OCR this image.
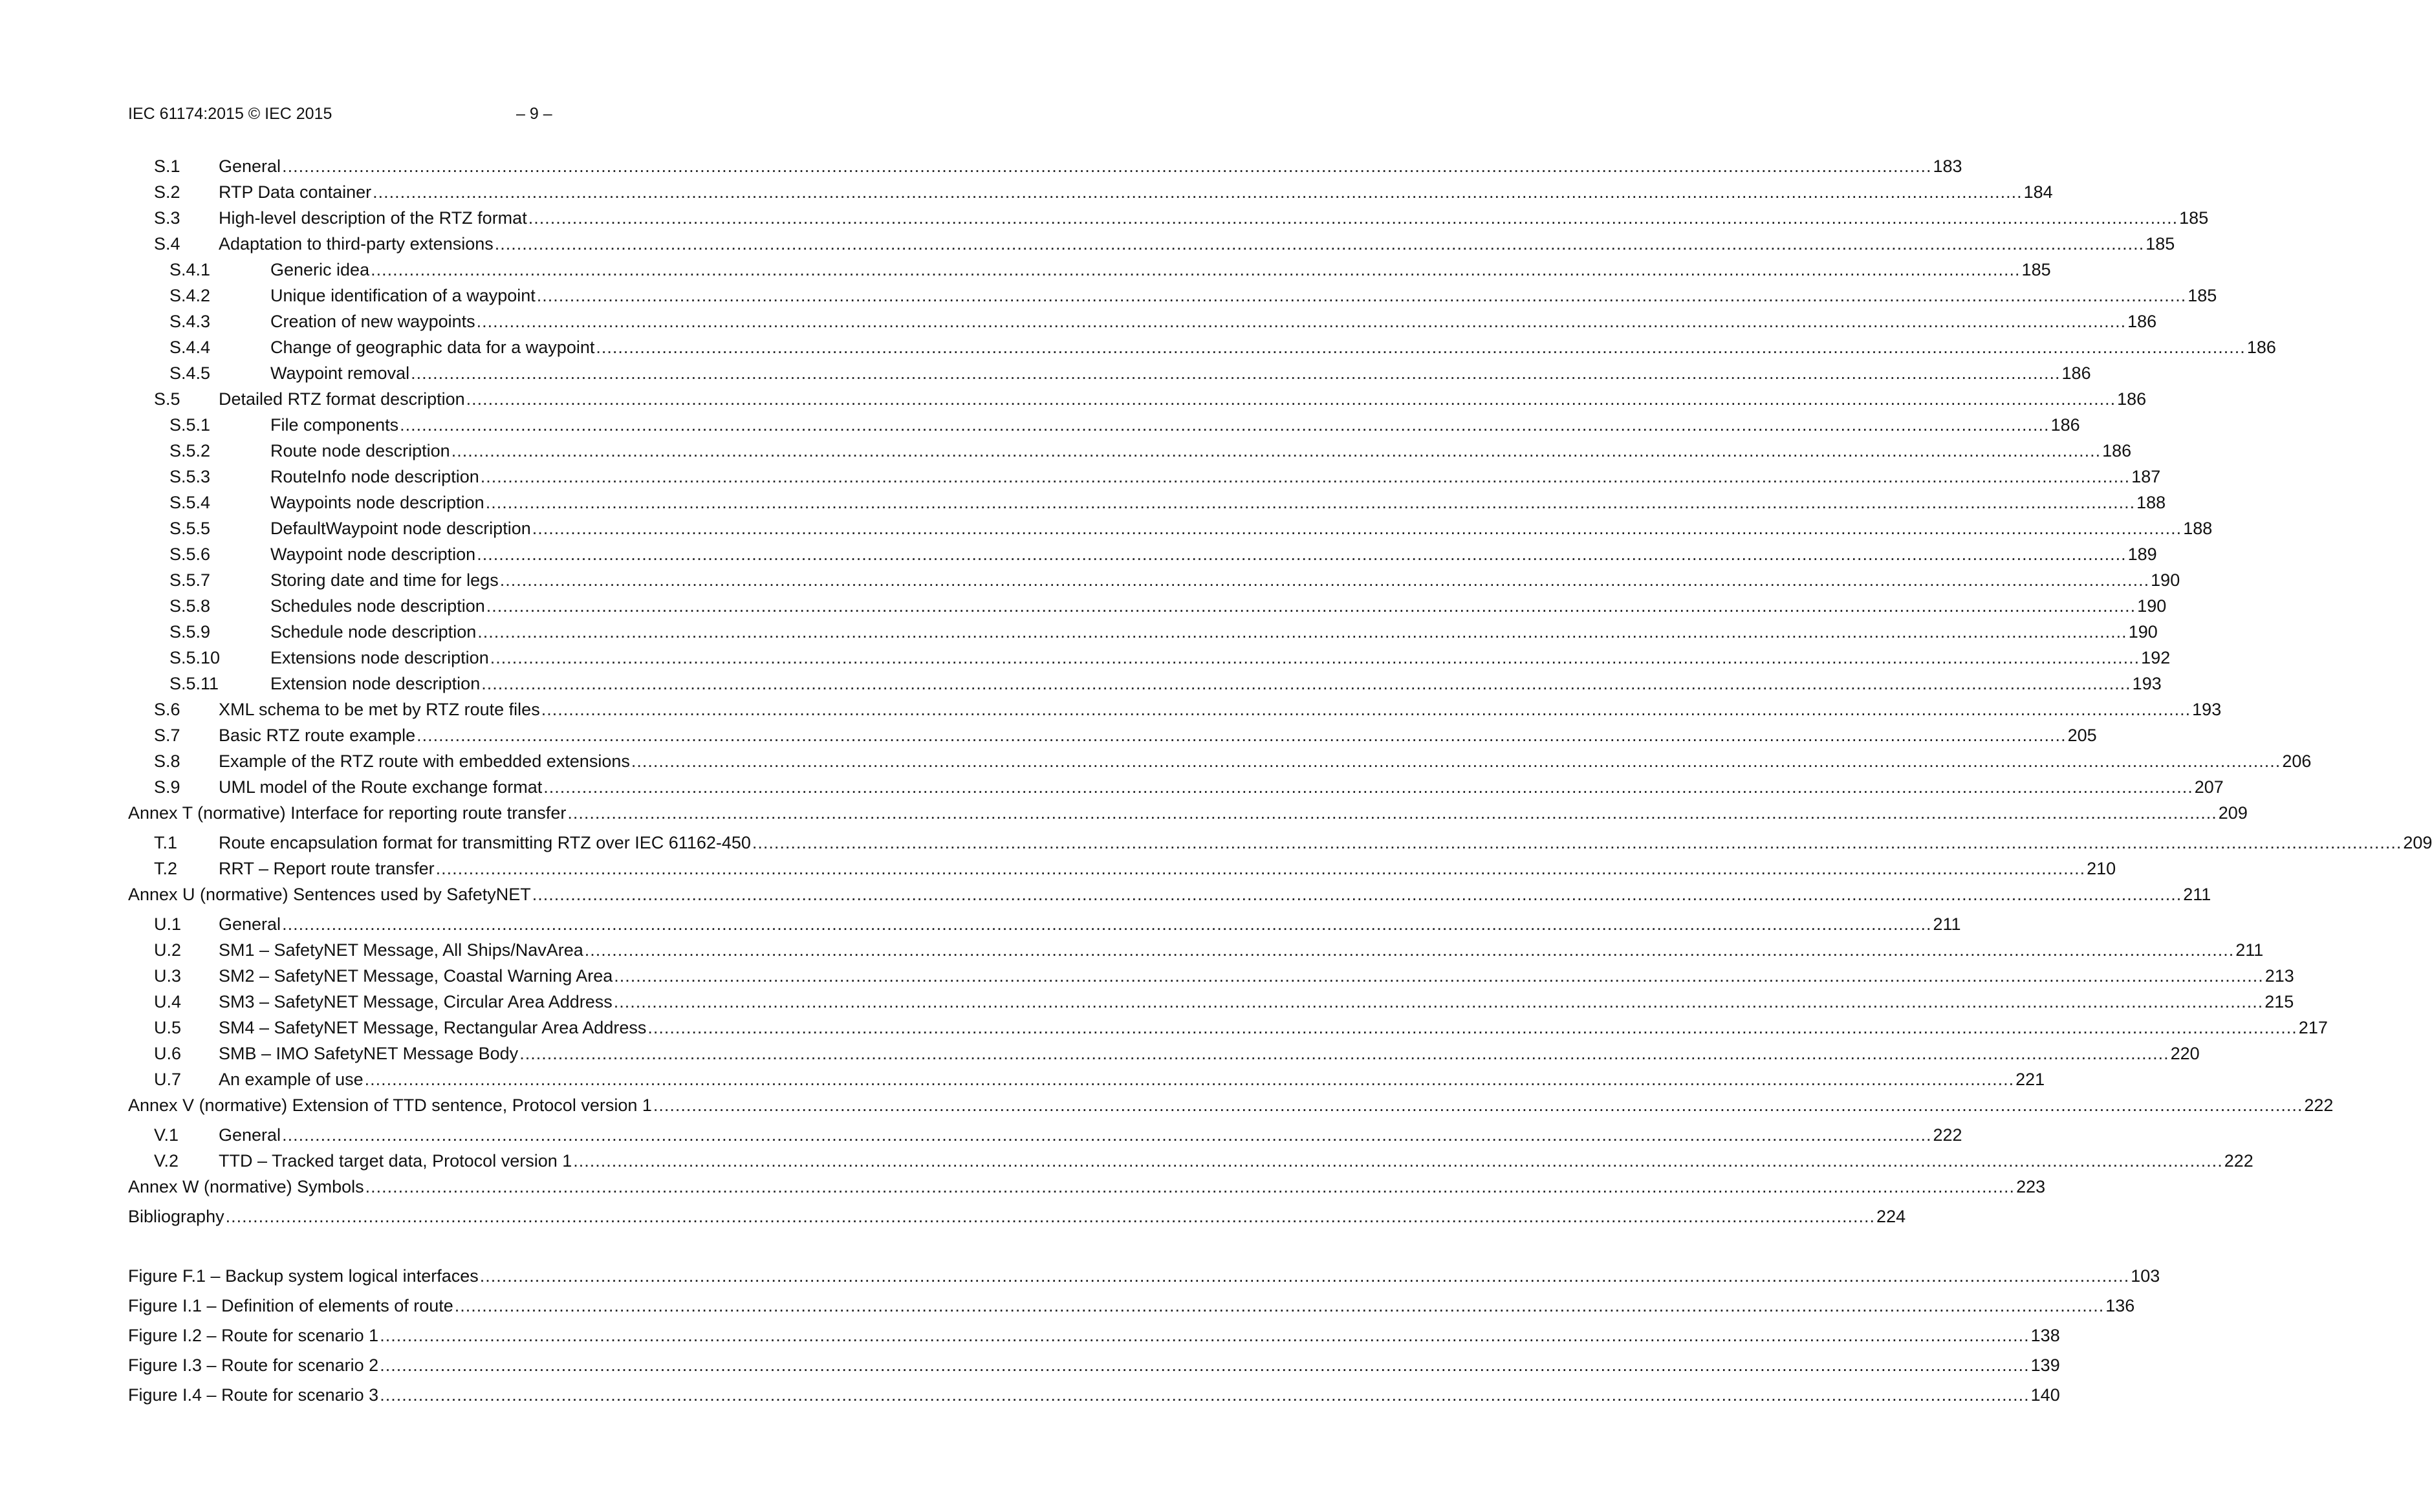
IEC 61174:2015 © IEC 2015	– 9 –
S.1 General ............................................................................................................................................................................................................................................................................................................ 183
S.2 RTP Data container ............................................................................................................................................................................................................................................................................................................ 184
S.3 High-level description of the RTZ format ............................................................................................................................................................................................................................................................................................................ 185
S.4 Adaptation to third-party extensions ............................................................................................................................................................................................................................................................................................................ 185
S.4.1	Generic idea ............................................................................................................................................................................................................................................................................................................ 185
S.4.2	Unique identification of a waypoint ............................................................................................................................................................................................................................................................................................................ 185
S.4.3	Creation of new waypoints ............................................................................................................................................................................................................................................................................................................ 186
S.4.4	Change of geographic data for a waypoint ............................................................................................................................................................................................................................................................................................................ 186
S.4.5	Waypoint removal ............................................................................................................................................................................................................................................................................................................ 186
S.5 Detailed RTZ format description ............................................................................................................................................................................................................................................................................................................ 186
S.5.1	File components ............................................................................................................................................................................................................................................................................................................ 186
S.5.2	Route node description ............................................................................................................................................................................................................................................................................................................ 186
S.5.3	RouteInfo node description ............................................................................................................................................................................................................................................................................................................ 187
S.5.4	Waypoints node description ............................................................................................................................................................................................................................................................................................................ 188
S.5.5	DefaultWaypoint node description ............................................................................................................................................................................................................................................................................................................ 188
S.5.6	Waypoint node description ............................................................................................................................................................................................................................................................................................................ 189
S.5.7	Storing date and time for legs ............................................................................................................................................................................................................................................................................................................ 190
S.5.8	Schedules node description ............................................................................................................................................................................................................................................................................................................ 190
S.5.9	Schedule node description ............................................................................................................................................................................................................................................................................................................ 190
S.5.10	Extensions node description ............................................................................................................................................................................................................................................................................................................ 192
S.5.11	Extension node description ............................................................................................................................................................................................................................................................................................................ 193
S.6 XML schema to be met by RTZ route files ............................................................................................................................................................................................................................................................................................................ 193
S.7 Basic RTZ route example ............................................................................................................................................................................................................................................................................................................ 205
S.8 Example of the RTZ route with embedded extensions ............................................................................................................................................................................................................................................................................................................ 206
S.9 UML model of the Route exchange format ............................................................................................................................................................................................................................................................................................................ 207
Annex T (normative) Interface for reporting route transfer ............................................................................................................................................................................................................................................................................................................ 209
T.1 Route encapsulation format for transmitting RTZ over IEC 61162-450 ............................................................................................................................................................................................................................................................................................................ 209
T.2 RRT – Report route transfer ............................................................................................................................................................................................................................................................................................................ 210
Annex U (normative) Sentences used by SafetyNET ............................................................................................................................................................................................................................................................................................................ 211
U.1 General ............................................................................................................................................................................................................................................................................................................ 211
U.2 SM1 – SafetyNET Message, All Ships/NavArea ............................................................................................................................................................................................................................................................................................................ 211
U.3 SM2 – SafetyNET Message, Coastal Warning Area ............................................................................................................................................................................................................................................................................................................ 213
U.4 SM3 – SafetyNET Message, Circular Area Address ............................................................................................................................................................................................................................................................................................................ 215
U.5 SM4 – SafetyNET Message, Rectangular Area Address ............................................................................................................................................................................................................................................................................................................ 217
U.6 SMB – IMO SafetyNET Message Body ............................................................................................................................................................................................................................................................................................................ 220
U.7 An example of use ............................................................................................................................................................................................................................................................................................................ 221
Annex V (normative) Extension of TTD sentence, Protocol version 1 ............................................................................................................................................................................................................................................................................................................ 222
V.1 General ............................................................................................................................................................................................................................................................................................................ 222
V.2 TTD – Tracked target data, Protocol version 1 ............................................................................................................................................................................................................................................................................................................ 222
Annex W (normative) Symbols ............................................................................................................................................................................................................................................................................................................ 223
Bibliography ............................................................................................................................................................................................................................................................................................................ 224
Figure F.1 – Backup system logical interfaces ............................................................................................................................................................................................................................................................................................................ 103
Figure I.1 – Definition of elements of route ............................................................................................................................................................................................................................................................................................................ 136
Figure I.2 – Route for scenario 1 ............................................................................................................................................................................................................................................................................................................ 138
Figure I.3 – Route for scenario 2 ............................................................................................................................................................................................................................................................................................................ 139
Figure I.4 – Route for scenario 3 ............................................................................................................................................................................................................................................................................................................ 140
